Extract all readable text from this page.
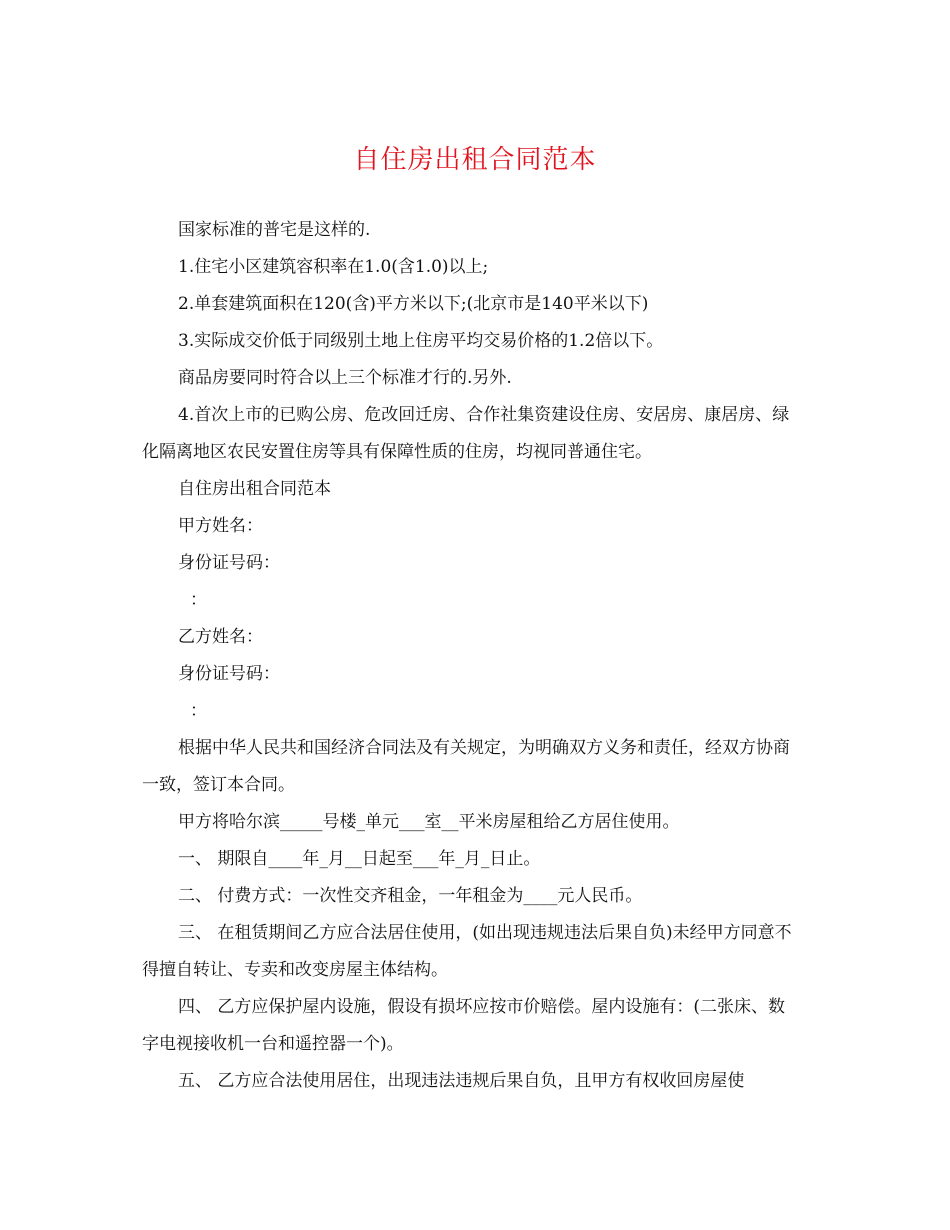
自住房出租合同范本

国家标准的普宅是这样的.

1.住宅小区建筑容积率在1.0(含1.0)以上;

2.单套建筑面积在120(含)平方米以下;(北京市是140平米以下)

3.实际成交价低于同级别土地上住房平均交易价格的1.2倍以下。

商品房要同时符合以上三个标准才行的.另外.

4.首次上市的已购公房、危改回迁房、合作社集资建设住房、安居房、康居房、绿化隔离地区农民安置住房等具有保障性质的住房，均视同普通住宅。

自住房出租合同范本

甲方姓名：

身份证号码：

：

乙方姓名：

身份证号码：

：

根据中华人民共和国经济合同法及有关规定，为明确双方义务和责任，经双方协商一致，签订本合同。

甲方将哈尔滨_____号楼_单元___室__平米房屋租给乙方居住使用。

一、 期限自____年_月__日起至___年_月_日止。

二、 付费方式：一次性交齐租金，一年租金为____元人民币。

三、 在租赁期间乙方应合法居住使用，(如出现违规违法后果自负)未经甲方同意不得擅自转让、专卖和改变房屋主体结构。

四、 乙方应保护屋内设施，假设有损坏应按市价赔偿。屋内设施有：(二张床、数字电视接收机一台和遥控器一个)。

五、 乙方应合法使用居住，出现违法违规后果自负，且甲方有权收回房屋使
